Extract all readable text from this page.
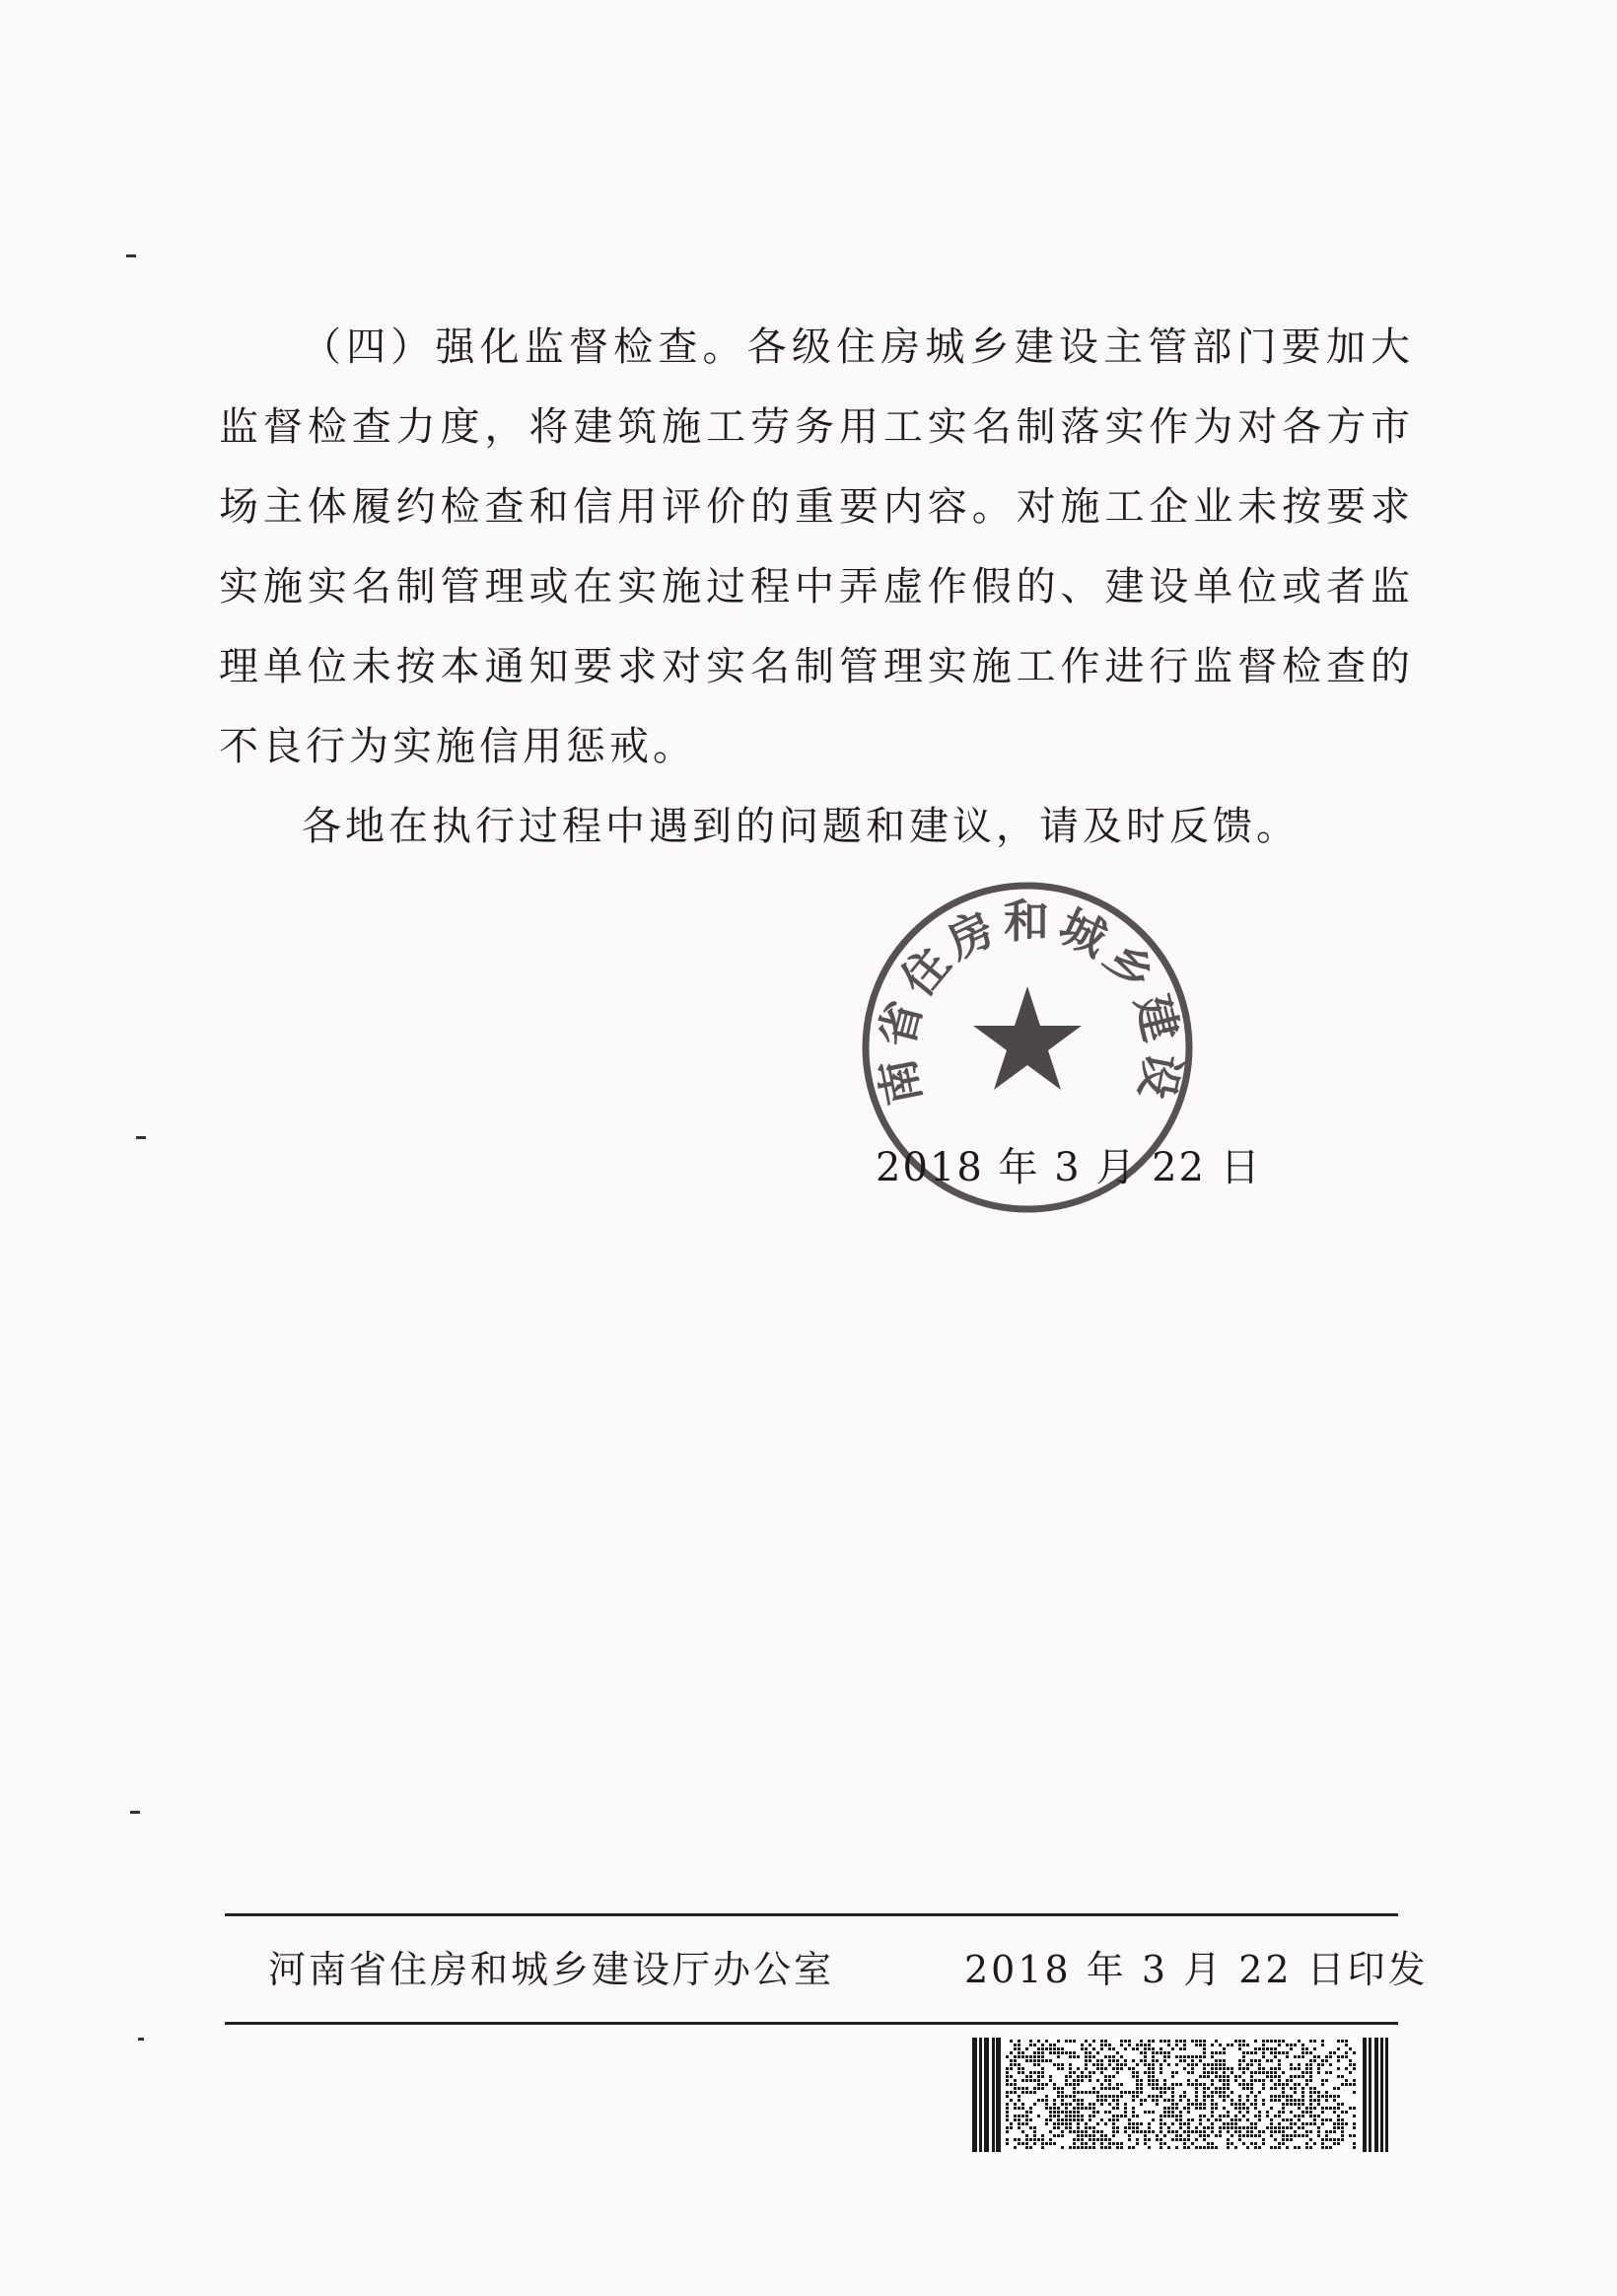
（四）强化监督检查。各级住房城乡建设主管部门要加大监督检查力度，将建筑施工劳务用工实名制落实作为对各方市场主体履约检查和信用评价的重要内容。对施工企业未按要求实施实名制管理或在实施过程中弄虚作假的、建设单位或者监理单位未按本通知要求对实名制管理实施工作进行监督检查的不良行为实施信用惩戒。

各地在执行过程中遇到的问题和建议，请及时反馈。

南省住房和城乡建设
2018 年 3 月 22 日
河南省住房和城乡建设厅办公室	2018 年 3 月 22 日印发
